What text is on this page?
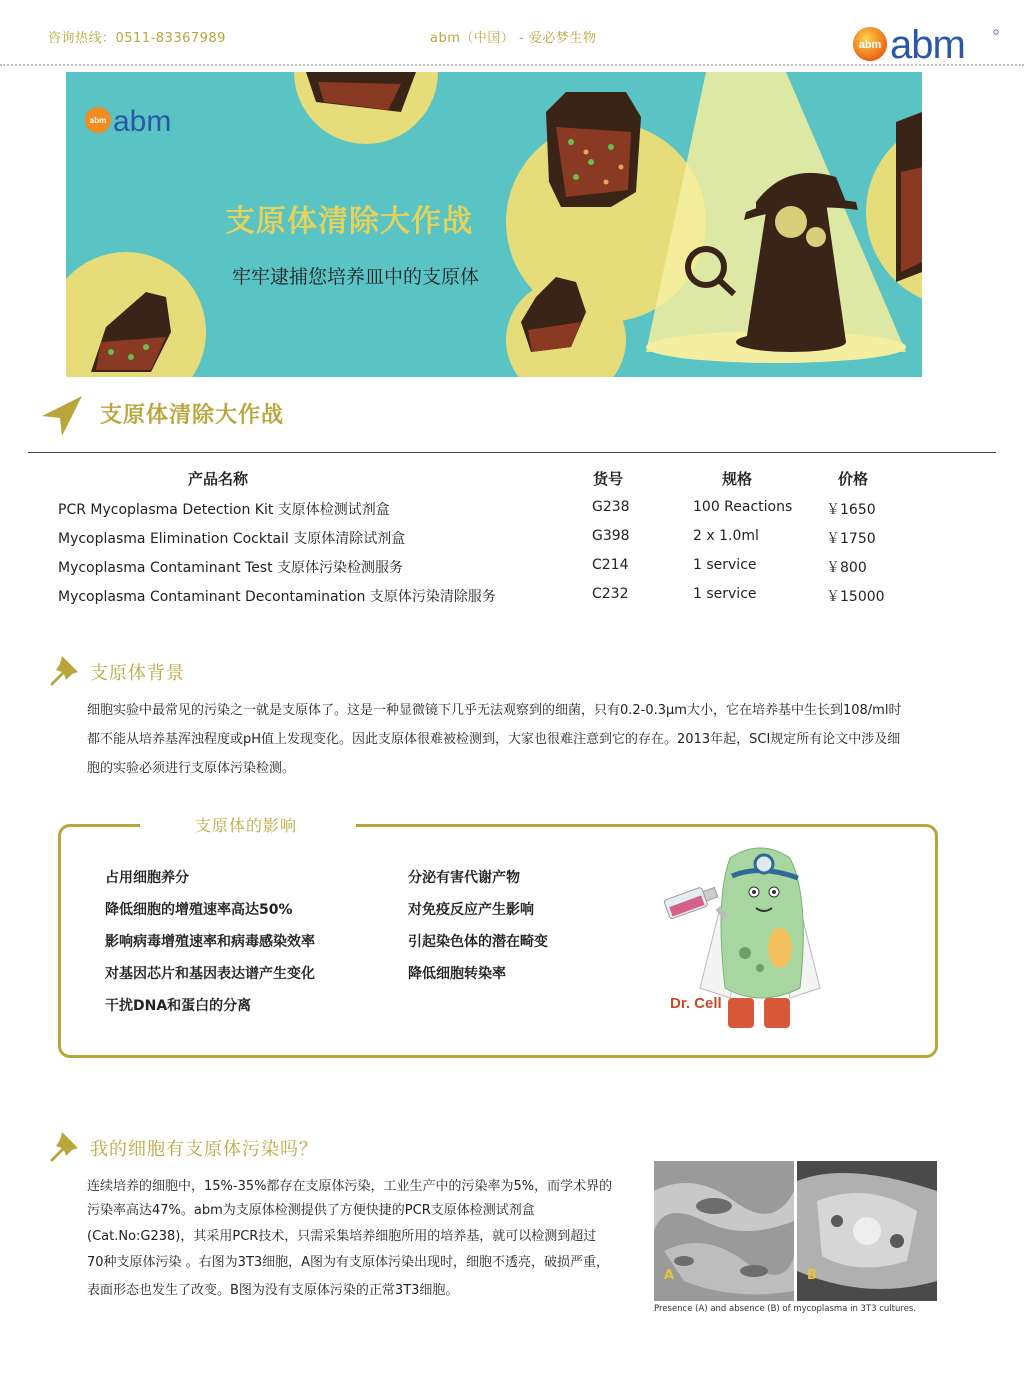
咨询热线：0511-83367989	abm（中国） - 爱必梦生物	abm abm
abm abm
支原体清除大作战
牢牢逮捕您培养皿中的支原体
支原体清除大作战
产品名称	货号	规格	价格
PCR Mycoplasma Detection Kit 支原体检测试剂盒	G238	100 Reactions ￥1650
Mycoplasma Elimination Cocktail 支原体清除试剂盒	G398	2 x 1.0ml	￥1750
Mycoplasma Contaminant Test 支原体污染检测服务	C214	1 service	￥800
Mycoplasma Contaminant Decontamination 支原体污染清除服务	C232	1 service	￥15000
支原体背景
细胞实验中最常见的污染之一就是支原体了。这是一种显微镜下几乎无法观察到的细菌，只有0.2-0.3μm大小，它在培养基中生长到108/ml时
都不能从培养基浑浊程度或pH值上发现变化。因此支原体很难被检测到，大家也很难注意到它的存在。2013年起，SCI规定所有论文中涉及细
胞的实验必须进行支原体污染检测。
支原体的影响
占用细胞养分
降低细胞的增殖速率高达50%
影响病毒增殖速率和病毒感染效率
对基因芯片和基因表达谱产生变化
干扰DNA和蛋白的分离
分泌有害代谢产物
对免疫反应产生影响
引起染色体的潜在畸变
降低细胞转染率
Dr. Cell
我的细胞有支原体污染吗？
连续培养的细胞中，15%-35%都存在支原体污染，工业生产中的污染率为5%，而学术界的
污染率高达47%。abm为支原体检测提供了方便快捷的PCR支原体检测试剂盒
(Cat.No:G238)，其采用PCR技术，只需采集培养细胞所用的培养基，就可以检测到超过
70种支原体污染 。右图为3T3细胞，A图为有支原体污染出现时，细胞不透亮，破损严重，
表面形态也发生了改变。B图为没有支原体污染的正常3T3细胞。
A	B
Presence (A) and absence (B) of mycoplasma in 3T3 cultures.
